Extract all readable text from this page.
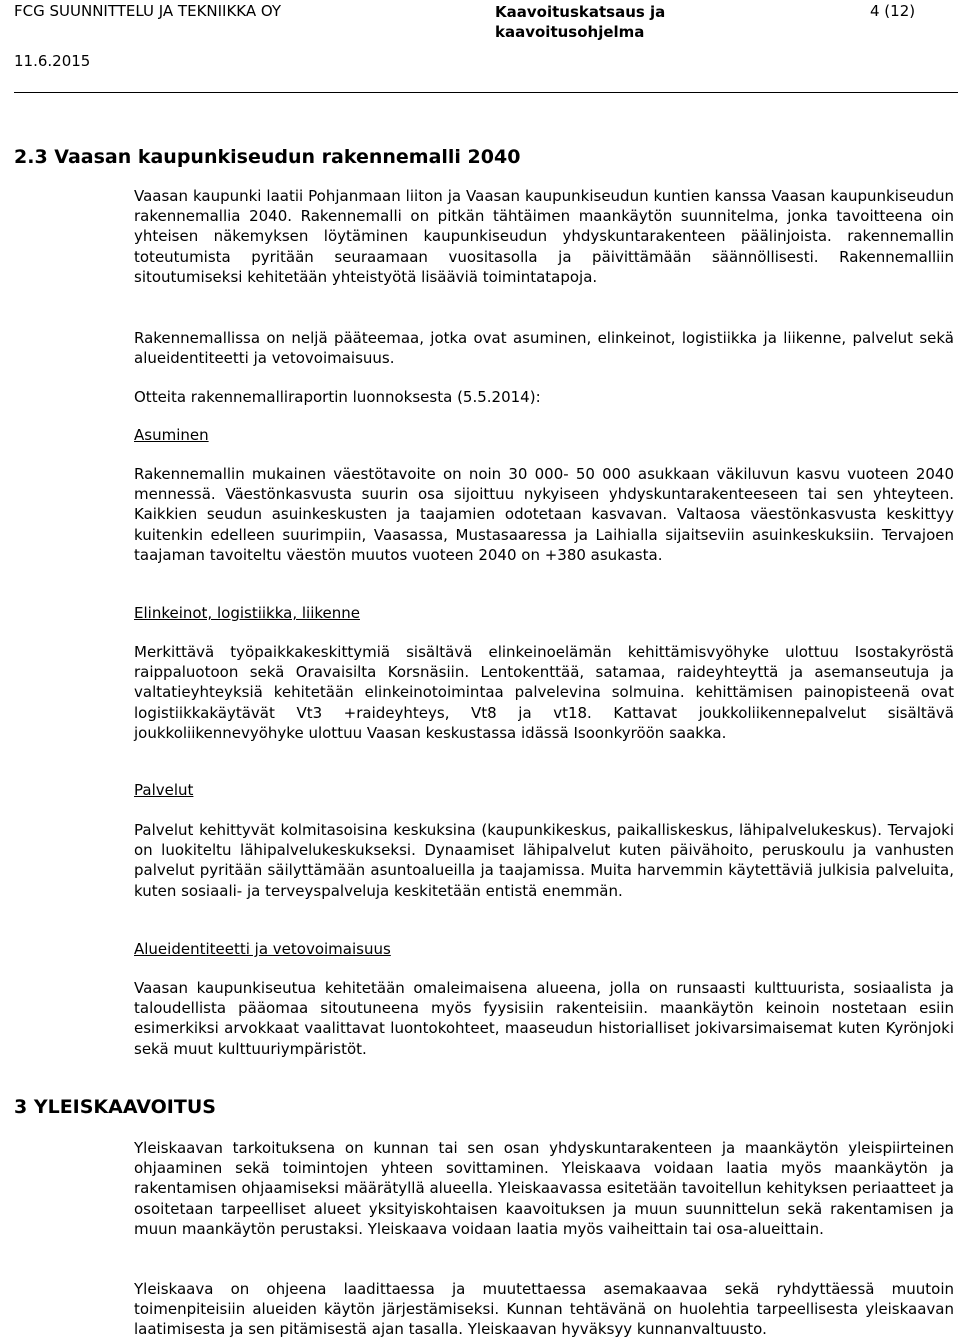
FCG SUUNNITTELU JA TEKNIIKKA OY	Kaavoituskatsaus ja kaavoitusohjelma
4 (12)
11.6.2015
2.3 Vaasan kaupunkiseudun rakennemalli 2040

Vaasan kaupunki laatii Pohjanmaan liiton ja Vaasan kaupunkiseudun kuntien kanssa Vaasan kaupunkiseudun rakennemallia 2040. Rakennemalli on pitkän tähtäimen maankäytön suunnitelma, jonka tavoitteena oin yhteisen näkemyksen löytäminen kaupunkiseudun yhdyskuntarakenteen päälinjoista. rakennemallin toteutumista pyritään seuraamaan vuositasolla ja päivittämään säännöllisesti. Rakennemalliin sitoutumiseksi kehitetään yhteistyötä lisääviä toimintatapoja.

Rakennemallissa on neljä pääteemaa, jotka ovat asuminen, elinkeinot, logistiikka ja liikenne, palvelut sekä alueidentiteetti ja vetovoimaisuus.

Otteita rakennemalliraportin luonnoksesta (5.5.2014):

Asuminen

Rakennemallin mukainen väestötavoite on noin 30 000- 50 000 asukkaan väkiluvun kasvu vuoteen 2040 mennessä. Väestönkasvusta suurin osa sijoittuu nykyiseen yhdyskuntarakenteeseen tai sen yhteyteen. Kaikkien seudun asuinkeskusten ja taajamien odotetaan kasvavan. Valtaosa väestönkasvusta keskittyy kuitenkin edelleen suurimpiin, Vaasassa, Mustasaaressa ja Laihialla sijaitseviin asuinkeskuksiin. Tervajoen taajaman tavoiteltu väestön muutos vuoteen 2040 on +380 asukasta.

Elinkeinot, logistiikka, liikenne

Merkittävä työpaikkakeskittymiä sisältävä elinkeinoelämän kehittämisvyöhyke ulottuu Isostakyröstä raippaluotoon sekä Oravaisilta Korsnäsiin. Lentokenttää, satamaa, raideyhteyttä ja asemanseutuja ja valtatieyhteyksiä kehitetään elinkeinotoimintaa palvelevina solmuina. kehittämisen painopisteenä ovat logistiikkakäytävät Vt3 +raideyhteys, Vt8 ja vt18. Kattavat joukkoliikennepalvelut sisältävä joukkoliikennevyöhyke ulottuu Vaasan keskustassa idässä Isoonkyröön saakka.

Palvelut

Palvelut kehittyvät kolmitasoisina keskuksina (kaupunkikeskus, paikalliskeskus, lähipalvelukeskus). Tervajoki on luokiteltu lähipalvelukeskukseksi. Dynaamiset lähipalvelut kuten päivähoito, peruskoulu ja vanhusten palvelut pyritään säilyttämään asuntoalueilla ja taajamissa. Muita harvemmin käytettäviä julkisia palveluita, kuten sosiaali- ja terveyspalveluja keskitetään entistä enemmän.

Alueidentiteetti ja vetovoimaisuus

Vaasan kaupunkiseutua kehitetään omaleimaisena alueena, jolla on runsaasti kulttuurista, sosiaalista ja taloudellista pääomaa sitoutuneena myös fyysisiin rakenteisiin. maankäytön keinoin nostetaan esiin esimerkiksi arvokkaat vaalittavat luontokohteet, maaseudun historialliset jokivarsimaisemat kuten Kyrönjoki sekä muut kulttuuriympäristöt.

3 YLEISKAAVOITUS

Yleiskaavan tarkoituksena on kunnan tai sen osan yhdyskuntarakenteen ja maankäytön yleispiirteinen ohjaaminen sekä toimintojen yhteen sovittaminen. Yleiskaava voidaan laatia myös maankäytön ja rakentamisen ohjaamiseksi määrätyllä alueella. Yleiskaavassa esitetään tavoitellun kehityksen periaatteet ja osoitetaan tarpeelliset alueet yksityiskohtaisen kaavoituksen ja muun suunnittelun sekä rakentamisen ja muun maankäytön perustaksi. Yleiskaava voidaan laatia myös vaiheittain tai osa-alueittain.

Yleiskaava on ohjeena laadittaessa ja muutettaessa asemakaavaa sekä ryhdyttäessä muutoin toimenpiteisiin alueiden käytön järjestämiseksi. Kunnan tehtävänä on huolehtia tarpeellisesta yleiskaavan laatimisesta ja sen pitämisestä ajan tasalla. Yleiskaavan hyväksyy kunnanvaltuusto.
